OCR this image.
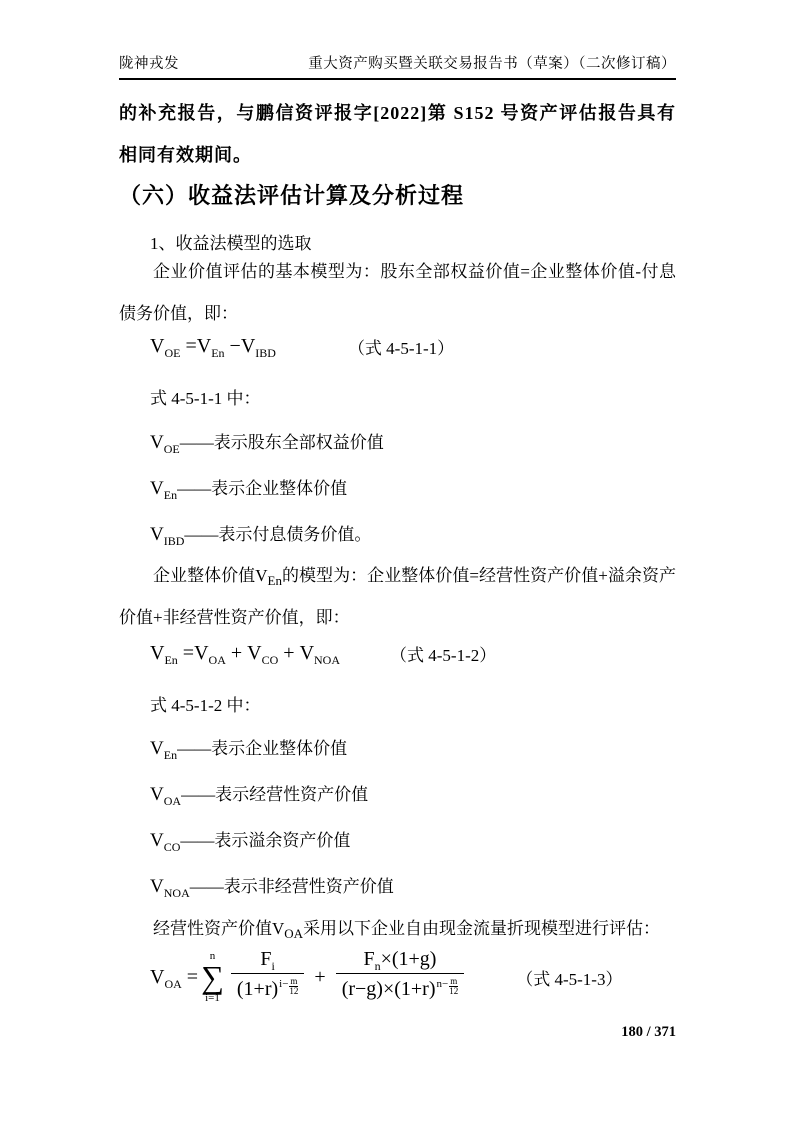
陇神戎发	重大资产购买暨关联交易报告书（草案）（二次修订稿）
的补充报告，与鹏信资评报字[2022]第 S152 号资产评估报告具有相同有效期间。
（六）收益法评估计算及分析过程
1、收益法模型的选取
企业价值评估的基本模型为：股东全部权益价值=企业整体价值-付息债务价值，即：
$V_{OE} = V_{En} - V_{IBD}$	（式 4-5-1-1）
式 4-5-1-1 中：
$V_{OE}——$表示股东全部权益价值
$V_{En}——$表示企业整体价值
$V_{IBD}——$表示付息债务价值。
企业整体价值$V_{En}$的模型为：企业整体价值=经营性资产价值+溢余资产价值+非经营性资产价值，即：
$V_{En} = V_{OA} + V_{CO} + V_{NOA}$	（式 4-5-1-2）
式 4-5-1-2 中：
$V_{En}——$表示企业整体价值
$V_{OA}——$表示经营性资产价值
$V_{CO}——$表示溢余资产价值
$V_{NOA}——$表示非经营性资产价值
经营性资产价值$V_{OA}$采用以下企业自由现金流量折现模型进行评估：
$V_{OA}$ =
n
∑
$i=1 \frac{F_i}{(1+r) i- \frac{m}{12}} + \frac{F_n\times(1+g)}{(r-g)\times(1+r) n- \frac{m}{12}}$	（式 4-5-1-3）
180 / 371
